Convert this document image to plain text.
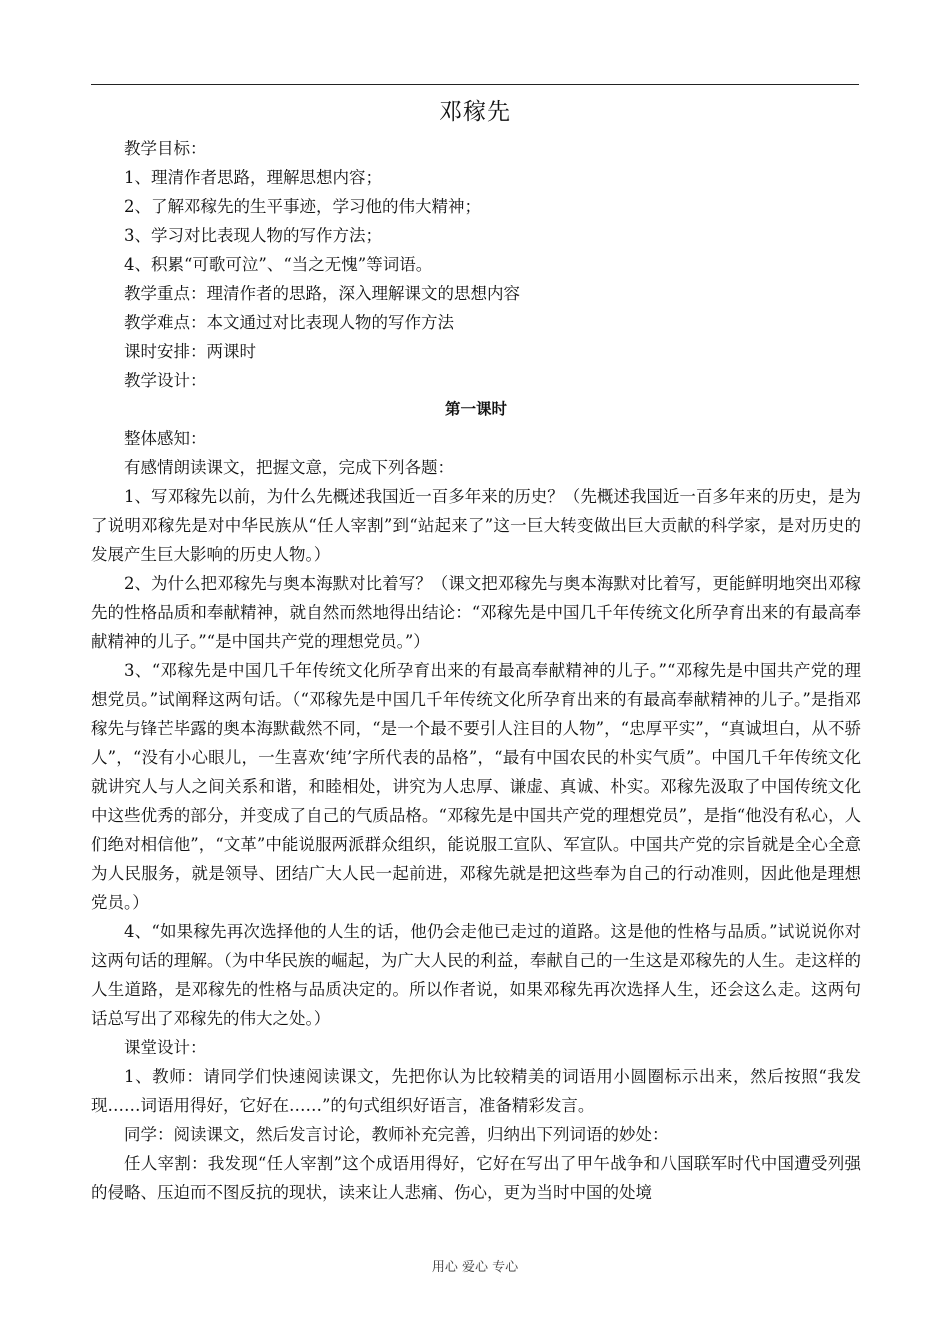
邓稼先

教学目标：

1、理清作者思路，理解思想内容；

2、了解邓稼先的生平事迹，学习他的伟大精神；

3、学习对比表现人物的写作方法；

4、积累“可歌可泣”、“当之无愧”等词语。

教学重点：理清作者的思路，深入理解课文的思想内容

教学难点：本文通过对比表现人物的写作方法

课时安排：两课时

教学设计：

第一课时

整体感知：

有感情朗读课文，把握文意，完成下列各题：

1、写邓稼先以前，为什么先概述我国近一百多年来的历史？（先概述我国近一百多年来的历史，是为了说明邓稼先是对中华民族从“任人宰割”到“站起来了”这一巨大转变做出巨大贡献的科学家，是对历史的发展产生巨大影响的历史人物。）

2、为什么把邓稼先与奥本海默对比着写？（课文把邓稼先与奥本海默对比着写，更能鲜明地突出邓稼先的性格品质和奉献精神，就自然而然地得出结论：“邓稼先是中国几千年传统文化所孕育出来的有最高奉献精神的儿子。”“是中国共产党的理想党员。”）

3、“邓稼先是中国几千年传统文化所孕育出来的有最高奉献精神的儿子。”“邓稼先是中国共产党的理想党员。”试阐释这两句话。（“邓稼先是中国几千年传统文化所孕育出来的有最高奉献精神的儿子。”是指邓稼先与锋芒毕露的奥本海默截然不同，“是一个最不要引人注目的人物”，“忠厚平实”，“真诚坦白，从不骄人”，“没有小心眼儿，一生喜欢‘纯’字所代表的品格”，“最有中国农民的朴实气质”。中国几千年传统文化就讲究人与人之间关系和谐，和睦相处，讲究为人忠厚、谦虚、真诚、朴实。邓稼先汲取了中国传统文化中这些优秀的部分，并变成了自己的气质品格。“邓稼先是中国共产党的理想党员”，是指“他没有私心，人们绝对相信他”，“文革”中能说服两派群众组织，能说服工宣队、军宣队。中国共产党的宗旨就是全心全意为人民服务，就是领导、团结广大人民一起前进，邓稼先就是把这些奉为自己的行动准则，因此他是理想党员。）

4、“如果稼先再次选择他的人生的话，他仍会走他已走过的道路。这是他的性格与品质。”试说说你对这两句话的理解。（为中华民族的崛起，为广大人民的利益，奉献自己的一生这是邓稼先的人生。走这样的人生道路，是邓稼先的性格与品质决定的。所以作者说，如果邓稼先再次选择人生，还会这么走。这两句话总写出了邓稼先的伟大之处。）

课堂设计：

1、教师：请同学们快速阅读课文，先把你认为比较精美的词语用小圆圈标示出来，然后按照“我发现……词语用得好，它好在……”的句式组织好语言，准备精彩发言。

同学：阅读课文，然后发言讨论，教师补充完善，归纳出下列词语的妙处：

任人宰割：我发现“任人宰割”这个成语用得好，它好在写出了甲午战争和八国联军时代中国遭受列强的侵略、压迫而不图反抗的现状，读来让人悲痛、伤心，更为当时中国的处境

用心 爱心 专心
